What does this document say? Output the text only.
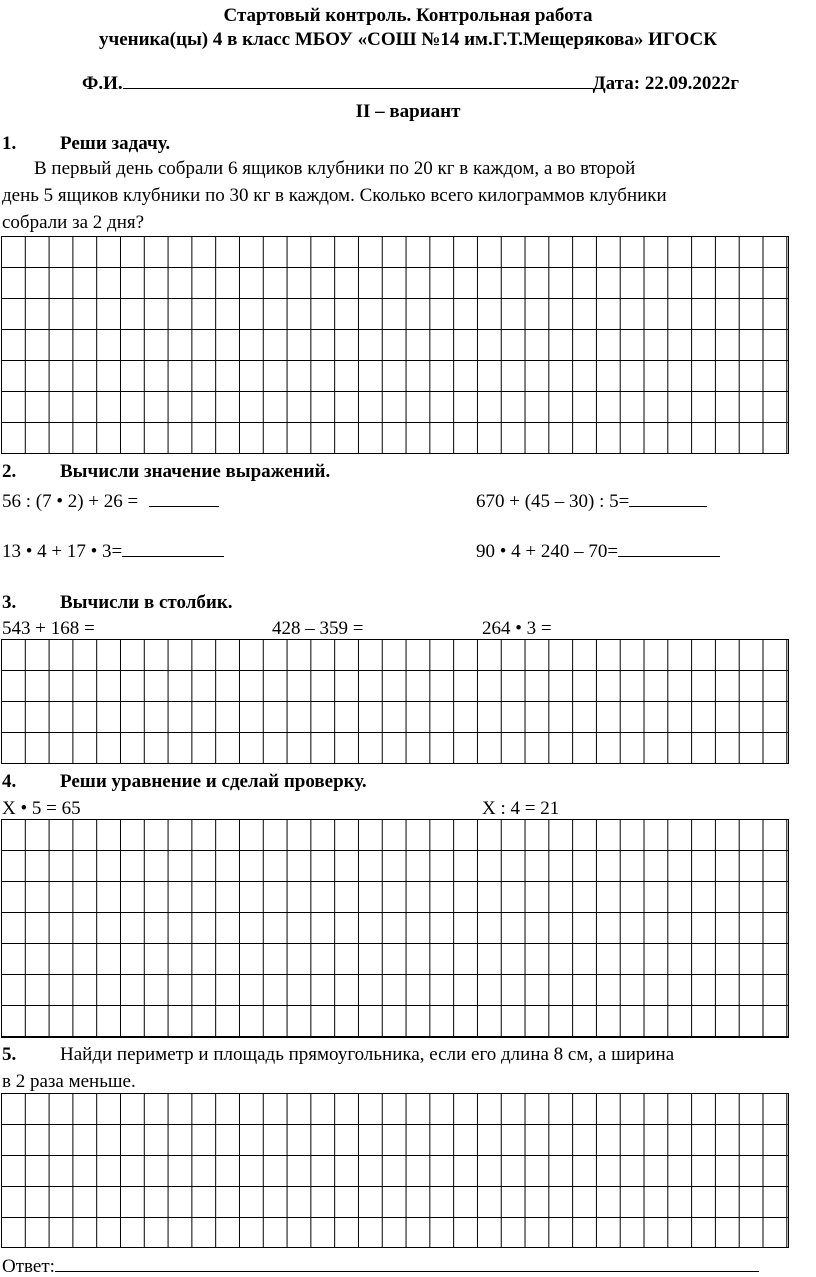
Стартовый контроль. Контрольная работа
ученика(цы) 4 в класс МБОУ «СОШ №14 им.Г.Т.Мещерякова» ИГОСК
Ф.И.	Дата: 22.09.2022г
II – вариант
1. Реши задачу.
В первый день собрали 6 ящиков клубники по 20 кг в каждом, а во второй
день 5 ящиков клубники по 30 кг в каждом. Сколько всего килограммов клубники
собрали за 2 дня?
2. Вычисли значение выражений.
56 : (7 • 2) + 26 =	670 + (45 – 30) : 5=
13 • 4 + 17 • 3=	90 • 4 + 240 – 70=
3. Вычисли в столбик.
543 + 168 =	428 – 359 =	264 • 3 =
4. Реши уравнение и сделай проверку.
Х • 5 = 65	Х : 4 = 21
5. Найди периметр и площадь прямоугольника, если его длина 8 см, а ширина
в 2 раза меньше.
Ответ:
